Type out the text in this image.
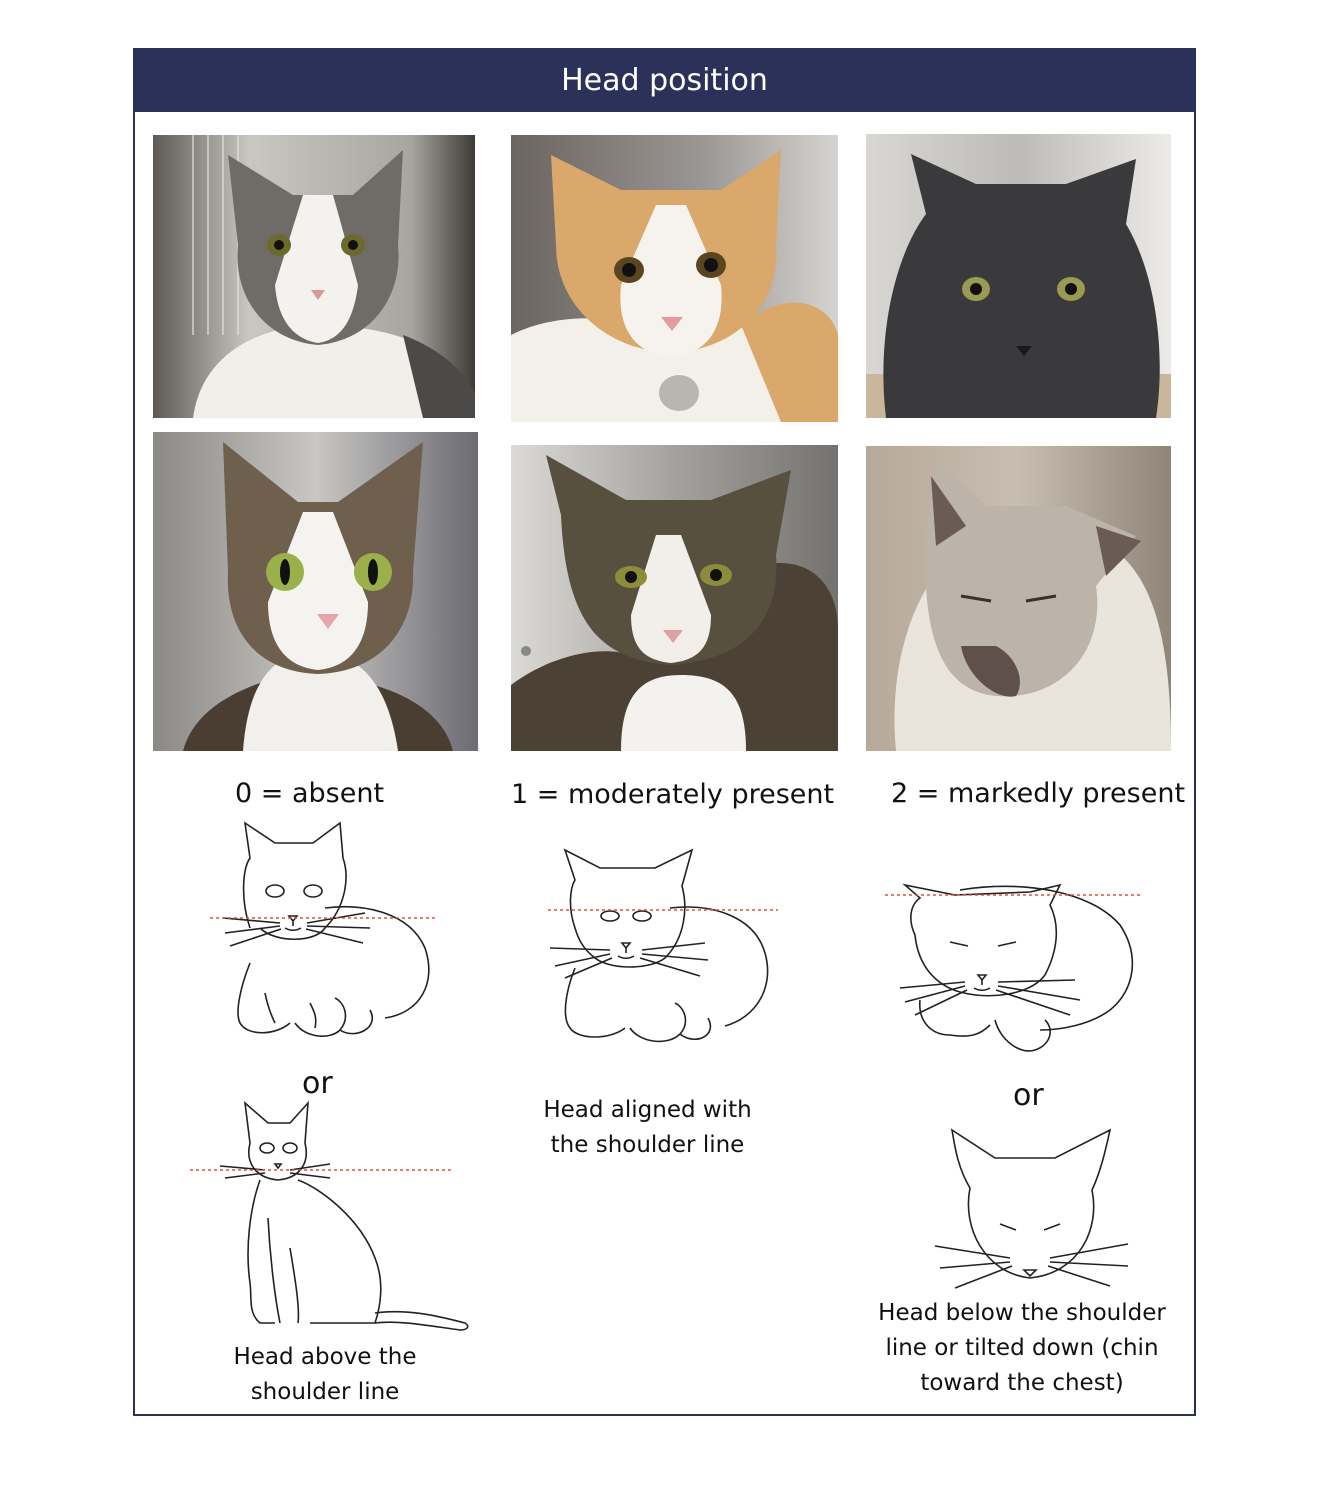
Head position
0 = absent	1 = moderately present 2 = markedly present
or
Head above the
shoulder line
Head aligned with
the shoulder line
or
Head below the shoulder
line or tilted down (chin
toward the chest)
